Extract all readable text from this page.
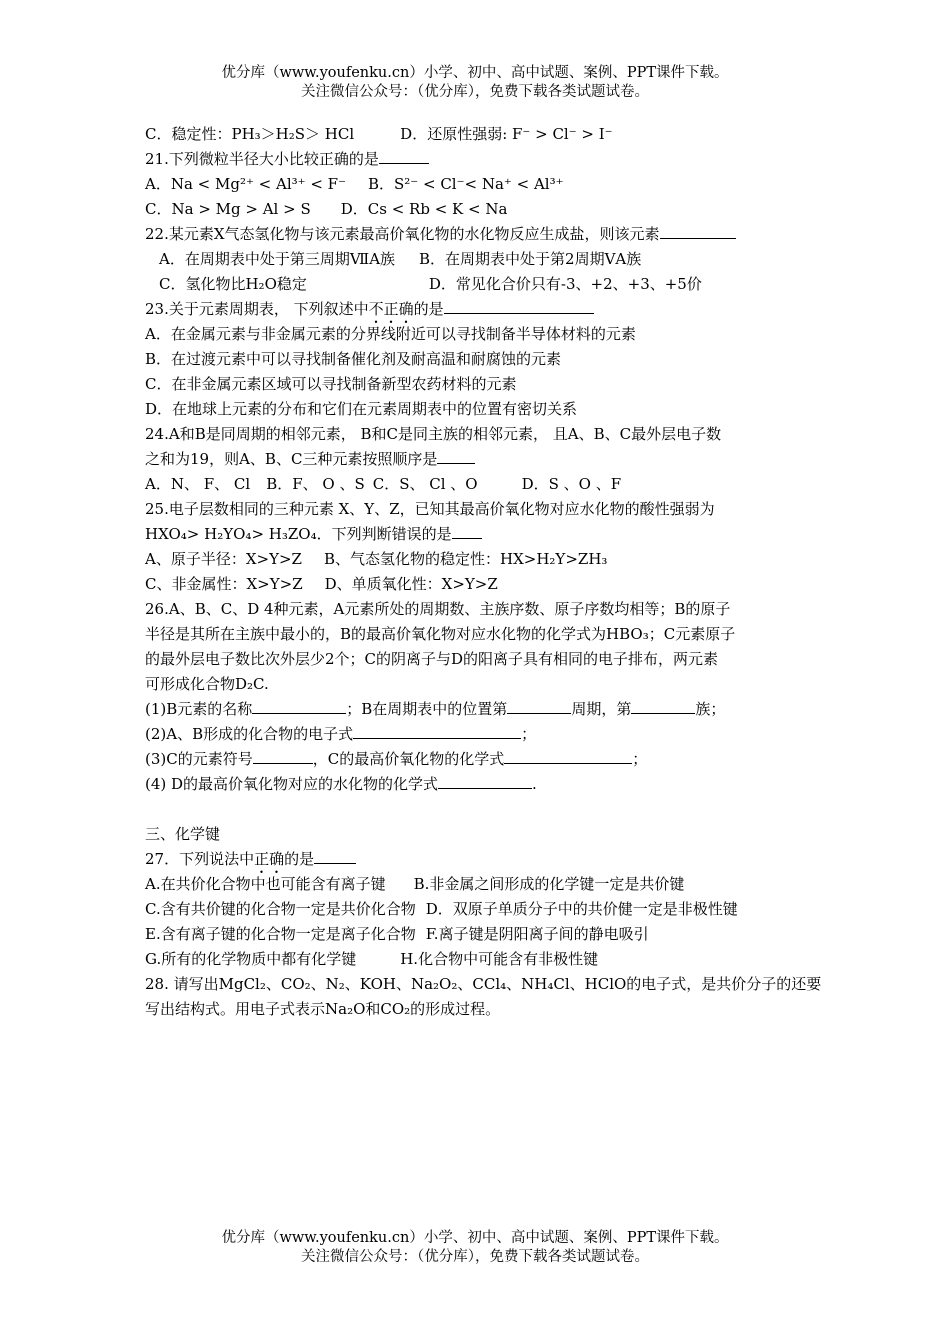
优分库（www.youfenku.cn）小学、初中、高中试题、案例、PPT课件下载。
关注微信公众号：（优分库），免费下载各类试题试卷。
C．稳定性：PH₃＞H₂S＞ HCl	D．还原性强弱: F⁻ > Cl⁻ > I⁻
21.下列微粒半径大小比较正确的是
A．Na < Mg²⁺ < Al³⁺ < F⁻ B．S²⁻ < Cl⁻< Na⁺ < Al³⁺
C．Na > Mg > Al > S D．Cs < Rb < K < Na
22.某元素X气态氢化物与该元素最高价氧化物的水化物反应生成盐，则该元素
A．在周期表中处于第三周期ⅦA族 B．在周期表中处于第2周期ⅤA族
C．氢化物比H₂O稳定	D．常见化合价只有-3、+2、+3、+5价
23.关于元素周期表， 下列叙述中不正确的是
A．在金属元素与非金属元素的分界线附近可以寻找制备半导体材料的元素
B．在过渡元素中可以寻找制备催化剂及耐高温和耐腐蚀的元素
C．在非金属元素区域可以寻找制备新型农药材料的元素
D．在地球上元素的分布和它们在元素周期表中的位置有密切关系
24.A和B是同周期的相邻元素， B和C是同主族的相邻元素， 且A、B、C最外层电子数
之和为19，则A、B、C三种元素按照顺序是
A．N、 F、 Cl B．F、 O 、S C．S、 Cl 、O	D．S 、O 、F
25.电子层数相同的三种元素 X、Y、Z，已知其最高价氧化物对应水化物的酸性强弱为
HXO₄> H₂YO₄> H₃ZO₄．下列判断错误的是
A、原子半径：X>Y>Z B、气态氢化物的稳定性：HX>H₂Y>ZH₃
C、非金属性：X>Y>Z D、单质氧化性：X>Y>Z
26.A、B、C、D 4种元素，A元素所处的周期数、主族序数、原子序数均相等；B的原子
半径是其所在主族中最小的，B的最高价氧化物对应水化物的化学式为HBO₃；C元素原子
的最外层电子数比次外层少2个；C的阴离子与D的阳离子具有相同的电子排布，两元素
可形成化合物D₂C.
(1)B元素的名称	；B在周期表中的位置第	周期，第	族；
(2)A、B形成的化合物的电子式	；
(3)C的元素符号	，C的最高价氧化物的化学式	；
(4) D的最高价氧化物对应的水化物的化学式	.
三、化学键
27．下列说法中正确的是
A.在共价化合物中也可能含有离子键 B.非金属之间形成的化学键一定是共价键
C.含有共价键的化合物一定是共价化合物 D．双原子单质分子中的共价健一定是非极性键
E.含有离子键的化合物一定是离子化合物 F.离子键是阴阳离子间的静电吸引
G.所有的化学物质中都有化学键	H.化合物中可能含有非极性键
28. 请写出MgCl₂、CO₂、N₂、KOH、Na₂O₂、CCl₄、NH₄Cl、HClO的电子式，是共价分子的还要
写出结构式。用电子式表示Na₂O和CO₂的形成过程。
优分库（www.youfenku.cn）小学、初中、高中试题、案例、PPT课件下载。
关注微信公众号：（优分库），免费下载各类试题试卷。
